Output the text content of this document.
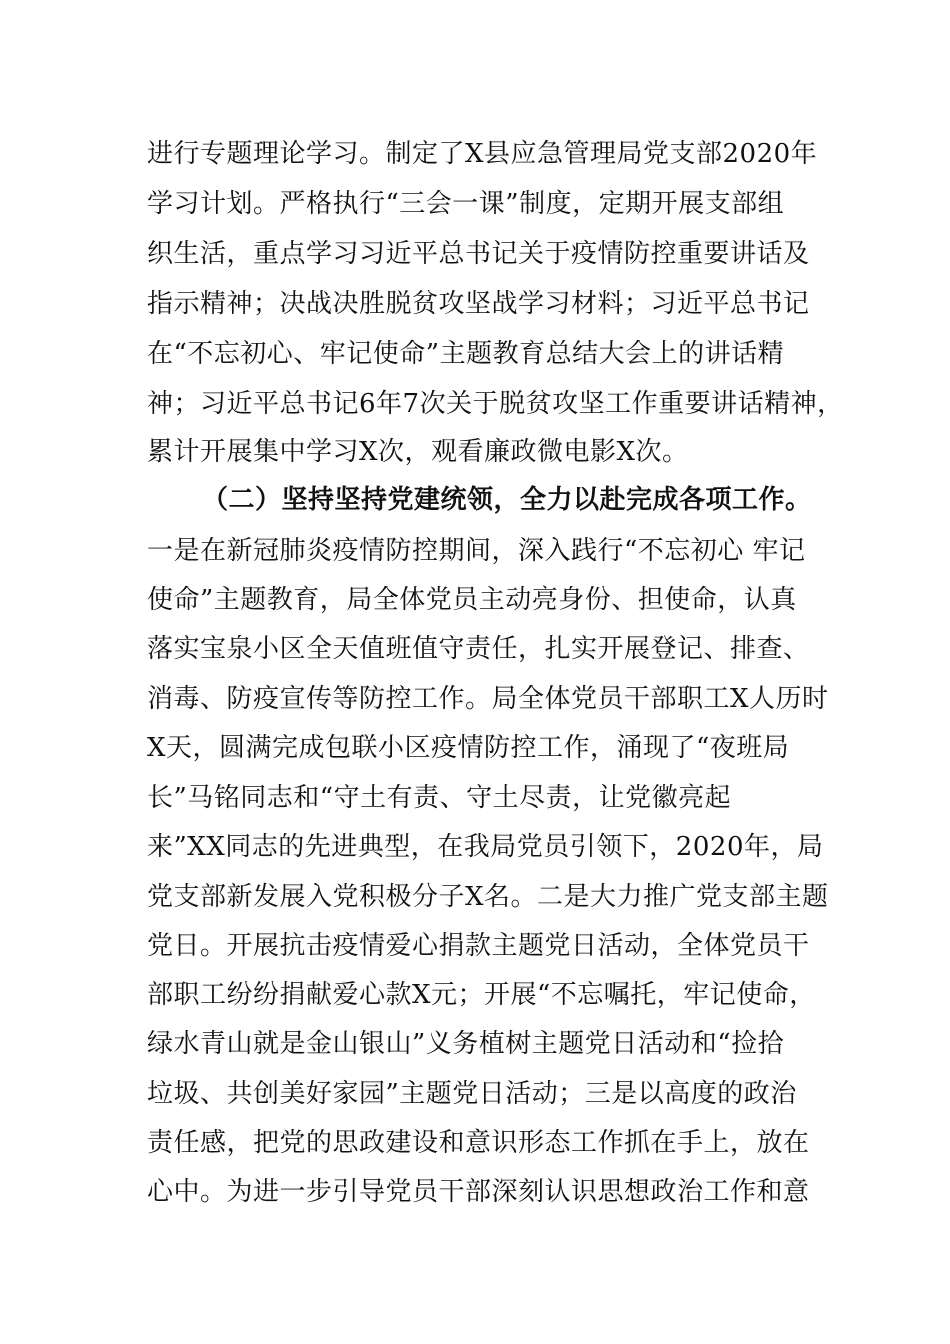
进行专题理论学习。制定了X县应急管理局党支部2020年
学习计划。严格执行“三会一课”制度，定期开展支部组
织生活，重点学习习近平总书记关于疫情防控重要讲话及
指示精神；决战决胜脱贫攻坚战学习材料；习近平总书记
在“不忘初心、牢记使命”主题教育总结大会上的讲话精
神；习近平总书记6年7次关于脱贫攻坚工作重要讲话精神，
累计开展集中学习X次，观看廉政微电影X次。
（二）坚持坚持党建统领，全力以赴完成各项工作。
一是在新冠肺炎疫情防控期间，深入践行“不忘初心 牢记
使命”主题教育，局全体党员主动亮身份、担使命，认真
落实宝泉小区全天值班值守责任，扎实开展登记、排查、
消毒、防疫宣传等防控工作。局全体党员干部职工X人历时
X天，圆满完成包联小区疫情防控工作，涌现了“夜班局
长”马铭同志和“守土有责、守土尽责，让党徽亮起
来”XX同志的先进典型，在我局党员引领下，2020年，局
党支部新发展入党积极分子X名。二是大力推广党支部主题
党日。开展抗击疫情爱心捐款主题党日活动，全体党员干
部职工纷纷捐献爱心款X元；开展“不忘嘱托，牢记使命，
绿水青山就是金山银山”义务植树主题党日活动和“捡拾
垃圾、共创美好家园”主题党日活动；三是以高度的政治
责任感，把党的思政建设和意识形态工作抓在手上，放在
心中。为进一步引导党员干部深刻认识思想政治工作和意
